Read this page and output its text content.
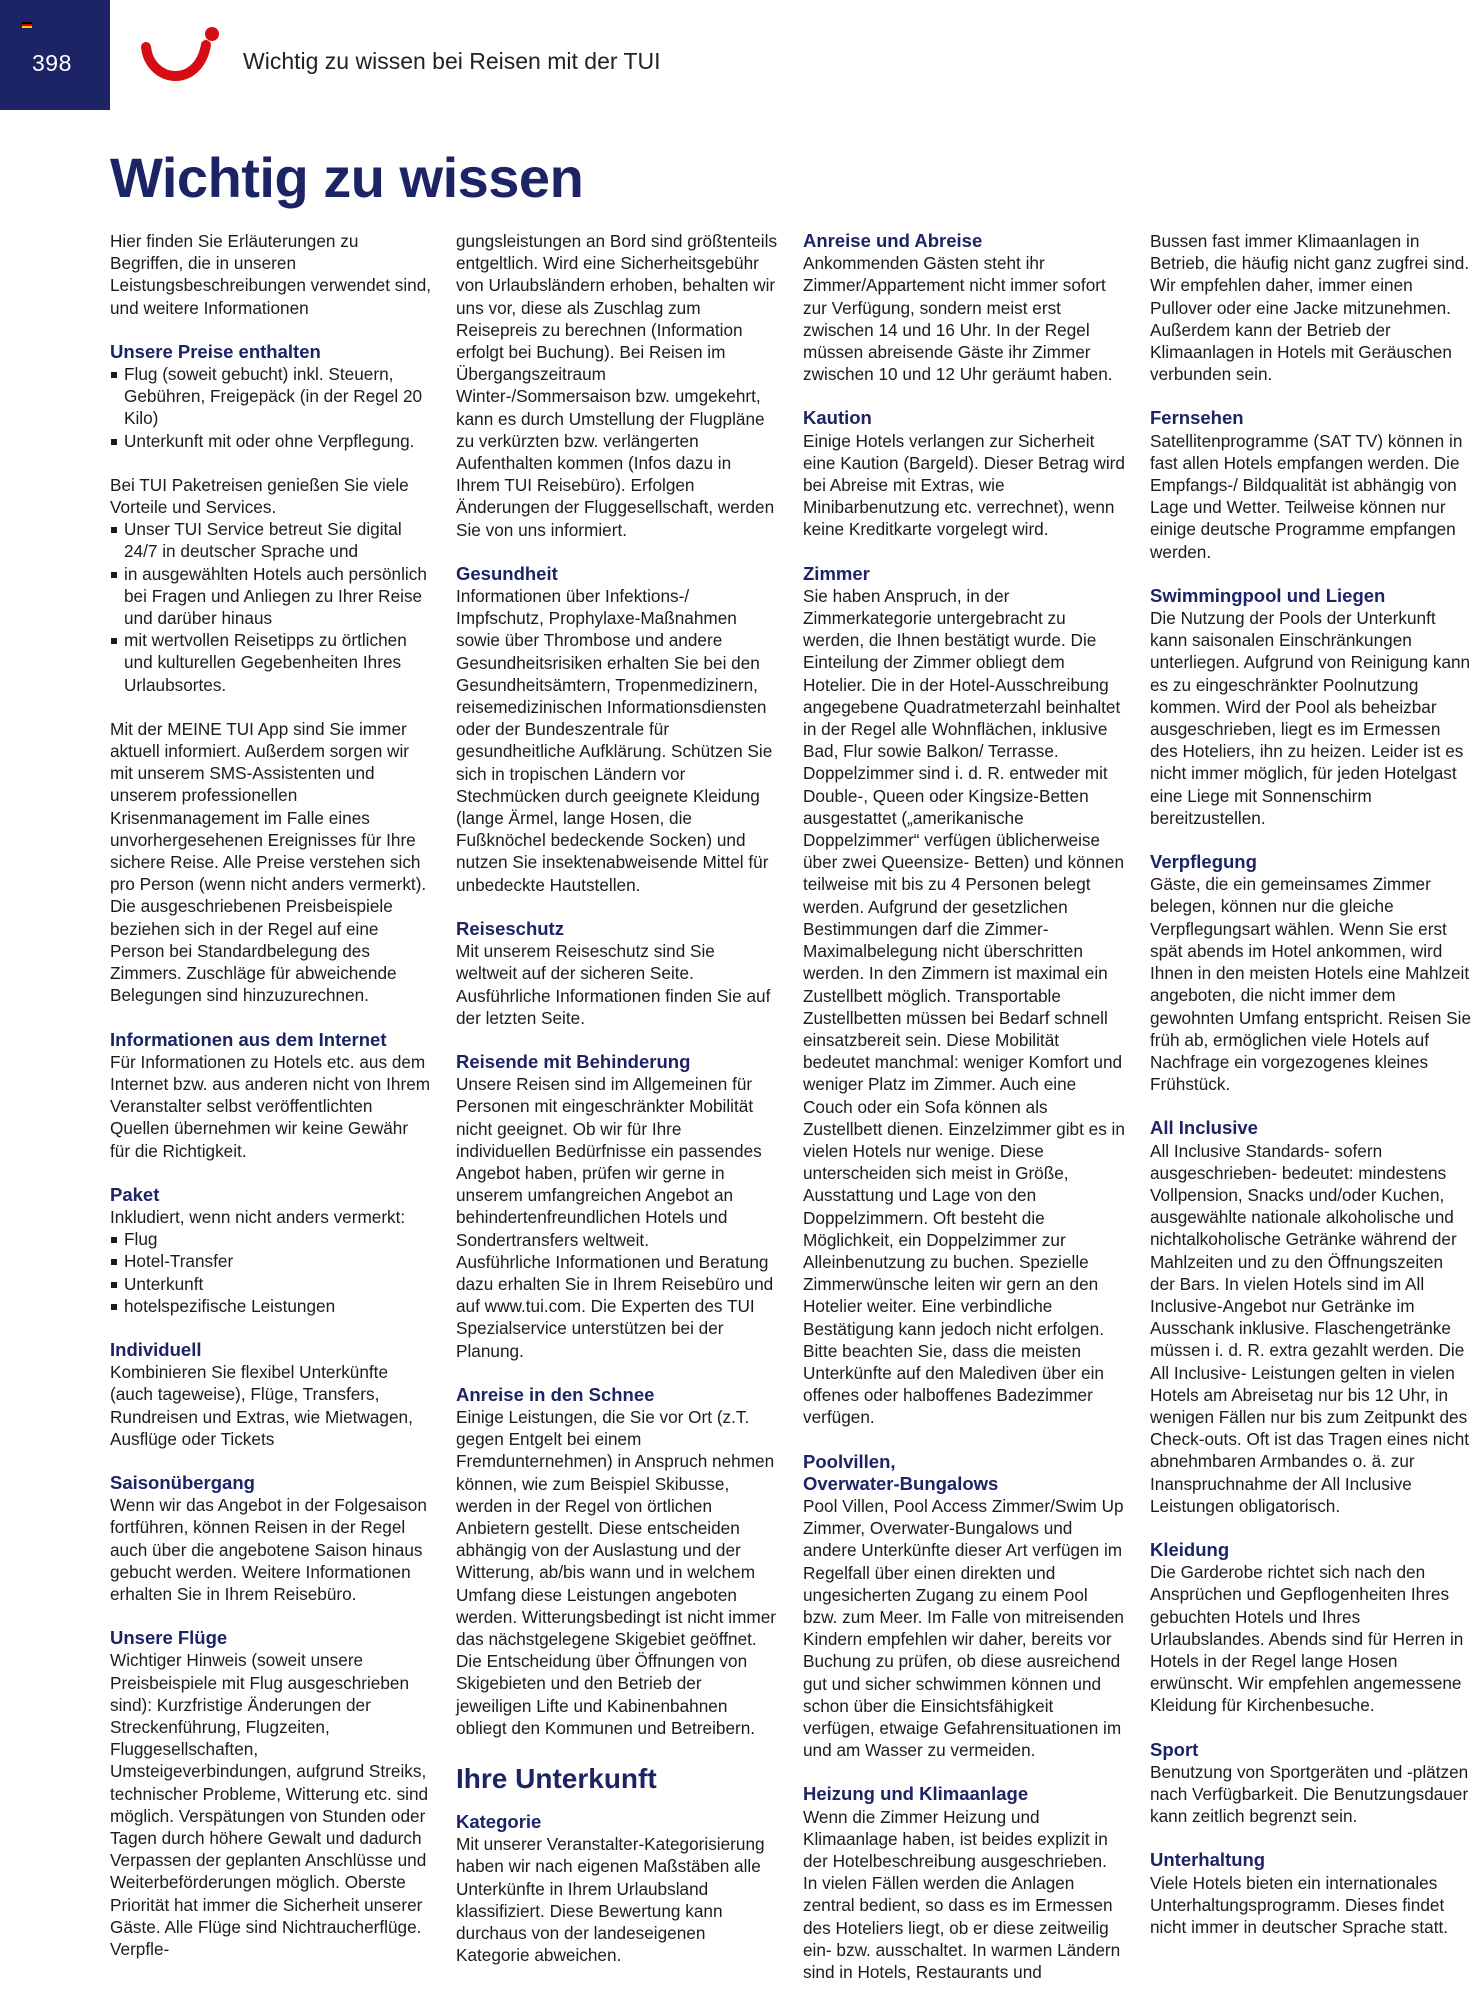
398	Wichtig zu wissen bei Reisen mit der TUI
Wichtig zu wissen

Hier finden Sie Erläuterungen zu Begriffen, die in unseren Leistungsbeschreibungen verwendet sind, und weitere Informationen

Unsere Preise enthalten
Flug (soweit gebucht) inkl. Steuern, Gebühren, Freigepäck (in der Regel 20 Kilo)
Unterkunft mit oder ohne Verpflegung.

Bei TUI Paketreisen genießen Sie viele Vorteile und Services.

Unser TUI Service betreut Sie digital 24/7 in deutscher Sprache und
in ausgewählten Hotels auch persönlich bei Fragen und Anliegen zu Ihrer Reise und darüber hinaus
mit wertvollen Reisetipps zu örtlichen und kulturellen Gegebenheiten Ihres Urlaubsortes.

Mit der MEINE TUI App sind Sie immer aktuell informiert. Außerdem sorgen wir mit unserem SMS-Assistenten und unserem professionellen Krisenmanagement im Falle eines unvorhergesehenen Ereignisses für Ihre sichere Reise. Alle Preise verstehen sich pro Person (wenn nicht anders vermerkt). Die ausgeschriebenen Preisbeispiele beziehen sich in der Regel auf eine Person bei Standardbelegung des Zimmers. Zuschläge für abweichende Belegungen sind hinzuzurechnen.

Informationen aus dem Internet

Für Informationen zu Hotels etc. aus dem Internet bzw. aus anderen nicht von Ihrem Veranstalter selbst veröffentlichten Quellen übernehmen wir keine Gewähr für die Richtigkeit.

Paket

Inkludiert, wenn nicht anders vermerkt:

Flug
Hotel-Transfer
Unterkunft
hotelspezifische Leistungen
Individuell

Kombinieren Sie flexibel Unterkünfte (auch tageweise), Flüge, Transfers, Rundreisen und Extras, wie Mietwagen, Ausflüge oder Tickets

Saisonübergang

Wenn wir das Angebot in der Folgesaison fortführen, können Reisen in der Regel auch über die angebotene Saison hinaus gebucht werden. Weitere Informationen erhalten Sie in Ihrem Reisebüro.

Unsere Flüge

Wichtiger Hinweis (soweit unsere Preisbeispiele mit Flug ausgeschrieben sind): Kurzfristige Änderungen der Streckenführung, Flugzeiten, Fluggesellschaften, Umsteigeverbindungen, aufgrund Streiks, technischer Probleme, Witterung etc. sind möglich. Verspätungen von Stunden oder Tagen durch höhere Gewalt und dadurch Verpassen der geplanten Anschlüsse und Weiterbeförderungen möglich. Oberste Priorität hat immer die Sicherheit unserer Gäste. Alle Flüge sind Nichtraucherflüge. Verpfle-

gungsleistungen an Bord sind größtenteils entgeltlich. Wird eine Sicherheitsgebühr von Urlaubsländern erhoben, behalten wir uns vor, diese als Zuschlag zum Reisepreis zu berechnen (Information erfolgt bei Buchung). Bei Reisen im Übergangszeitraum Winter-/Sommersaison bzw. umgekehrt, kann es durch Umstellung der Flugpläne zu verkürzten bzw. verlängerten Aufenthalten kommen (Infos dazu in Ihrem TUI Reisebüro). Erfolgen Änderungen der Fluggesellschaft, werden Sie von uns informiert.

Gesundheit

Informationen über Infektions-/ Impfschutz, Prophylaxe-Maßnahmen sowie über Thrombose und andere Gesundheitsrisiken erhalten Sie bei den Gesundheitsämtern, Tropenmedizinern, reisemedizinischen Informationsdiensten oder der Bundeszentrale für gesundheitliche Aufklärung. Schützen Sie sich in tropischen Ländern vor Stechmücken durch geeignete Kleidung (lange Ärmel, lange Hosen, die Fußknöchel bedeckende Socken) und nutzen Sie insektenabweisende Mittel für unbedeckte Hautstellen.

Reiseschutz

Mit unserem Reiseschutz sind Sie weltweit auf der sicheren Seite. Ausführliche Informationen finden Sie auf der letzten Seite.

Reisende mit Behinderung

Unsere Reisen sind im Allgemeinen für Personen mit eingeschränkter Mobilität nicht geeignet. Ob wir für Ihre individuellen Bedürfnisse ein passendes Angebot haben, prüfen wir gerne in unserem umfangreichen Angebot an behindertenfreundlichen Hotels und Sondertransfers weltweit.

Ausführliche Informationen und Beratung dazu erhalten Sie in Ihrem Reisebüro und auf www.tui.com. Die Experten des TUI Spezialservice unterstützen bei der Planung.

Anreise in den Schnee

Einige Leistungen, die Sie vor Ort (z.T. gegen Entgelt bei einem Fremdunternehmen) in Anspruch nehmen können, wie zum Beispiel Skibusse, werden in der Regel von örtlichen Anbietern gestellt. Diese entscheiden abhängig von der Auslastung und der Witterung, ab/bis wann und in welchem Umfang diese Leistungen angeboten werden. Witterungsbedingt ist nicht immer das nächstgelegene Skigebiet geöffnet. Die Entscheidung über Öffnungen von Skigebieten und den Betrieb der jeweiligen Lifte und Kabinenbahnen obliegt den Kommunen und Betreibern.

Ihre Unterkunft
Kategorie

Mit unserer Veranstalter-Kategorisierung haben wir nach eigenen Maßstäben alle Unterkünfte in Ihrem Urlaubsland klassifiziert. Diese Bewertung kann durchaus von der landeseigenen Kategorie abweichen.

Anreise und Abreise

Ankommenden Gästen steht ihr Zimmer/Appartement nicht immer sofort zur Verfügung, sondern meist erst zwischen 14 und 16 Uhr. In der Regel müssen abreisende Gäste ihr Zimmer zwischen 10 und 12 Uhr geräumt haben.

Kaution

Einige Hotels verlangen zur Sicherheit eine Kaution (Bargeld). Dieser Betrag wird bei Abreise mit Extras, wie Minibarbenutzung etc. verrechnet), wenn keine Kreditkarte vorgelegt wird.

Zimmer

Sie haben Anspruch, in der Zimmerkategorie untergebracht zu werden, die Ihnen bestätigt wurde. Die Einteilung der Zimmer obliegt dem Hotelier. Die in der Hotel-Ausschreibung angegebene Quadratmeterzahl beinhaltet in der Regel alle Wohnflächen, inklusive Bad, Flur sowie Balkon/ Terrasse. Doppelzimmer sind i. d. R. entweder mit Double-, Queen oder Kingsize-Betten ausgestattet („amerikanische Doppelzimmer“ verfügen üblicherweise über zwei Queensize- Betten) und können teilweise mit bis zu 4 Personen belegt werden. Aufgrund der gesetzlichen Bestimmungen darf die Zimmer-Maximalbelegung nicht überschritten werden. In den Zimmern ist maximal ein Zustellbett möglich. Transportable Zustellbetten müssen bei Bedarf schnell einsatzbereit sein. Diese Mobilität bedeutet manchmal: weniger Komfort und weniger Platz im Zimmer. Auch eine Couch oder ein Sofa können als Zustellbett dienen. Einzelzimmer gibt es in vielen Hotels nur wenige. Diese unterscheiden sich meist in Größe, Ausstattung und Lage von den Doppelzimmern. Oft besteht die Möglichkeit, ein Doppelzimmer zur Alleinbenutzung zu buchen. Spezielle Zimmerwünsche leiten wir gern an den Hotelier weiter. Eine verbindliche Bestätigung kann jedoch nicht erfolgen. Bitte beachten Sie, dass die meisten Unterkünfte auf den Malediven über ein offenes oder halboffenes Badezimmer verfügen.

Poolvillen,
Overwater-Bungalows

Pool Villen, Pool Access Zimmer/Swim Up Zimmer, Overwater-Bungalows und andere Unterkünfte dieser Art verfügen im Regelfall über einen direkten und ungesicherten Zugang zu einem Pool bzw. zum Meer. Im Falle von mitreisenden Kindern empfehlen wir daher, bereits vor Buchung zu prüfen, ob diese ausreichend gut und sicher schwimmen können und schon über die Einsichtsfähigkeit verfügen, etwaige Gefahrensituationen im und am Wasser zu vermeiden.

Heizung und Klimaanlage

Wenn die Zimmer Heizung und Klimaanlage haben, ist beides explizit in der Hotelbeschreibung ausgeschrieben. In vielen Fällen werden die Anlagen zentral bedient, so dass es im Ermessen des Hoteliers liegt, ob er diese zeitweilig ein- bzw. ausschaltet. In warmen Ländern sind in Hotels, Restaurants und

Bussen fast immer Klimaanlagen in Betrieb, die häufig nicht ganz zugfrei sind. Wir empfehlen daher, immer einen Pullover oder eine Jacke mitzunehmen. Außerdem kann der Betrieb der Klimaanlagen in Hotels mit Geräuschen verbunden sein.

Fernsehen

Satellitenprogramme (SAT TV) können in fast allen Hotels empfangen werden. Die Empfangs-/ Bildqualität ist abhängig von Lage und Wetter. Teilweise können nur einige deutsche Programme empfangen werden.

Swimmingpool und Liegen

Die Nutzung der Pools der Unterkunft kann saisonalen Einschränkungen unterliegen. Aufgrund von Reinigung kann es zu eingeschränkter Poolnutzung kommen. Wird der Pool als beheizbar ausgeschrieben, liegt es im Ermessen des Hoteliers, ihn zu heizen. Leider ist es nicht immer möglich, für jeden Hotelgast eine Liege mit Sonnenschirm bereitzustellen.

Verpflegung

Gäste, die ein gemeinsames Zimmer belegen, können nur die gleiche Verpflegungsart wählen. Wenn Sie erst spät abends im Hotel ankommen, wird Ihnen in den meisten Hotels eine Mahlzeit angeboten, die nicht immer dem gewohnten Umfang entspricht. Reisen Sie früh ab, ermöglichen viele Hotels auf Nachfrage ein vorgezogenes kleines Frühstück.

All Inclusive

All Inclusive Standards- sofern ausgeschrieben- bedeutet: mindestens Vollpension, Snacks und/oder Kuchen, ausgewählte nationale alkoholische und nichtalkoholische Getränke während der Mahlzeiten und zu den Öffnungszeiten der Bars. In vielen Hotels sind im All Inclusive-Angebot nur Getränke im Ausschank inklusive. Flaschengetränke müssen i. d. R. extra gezahlt werden. Die All Inclusive- Leistungen gelten in vielen Hotels am Abreisetag nur bis 12 Uhr, in wenigen Fällen nur bis zum Zeitpunkt des Check-outs. Oft ist das Tragen eines nicht abnehmbaren Armbandes o. ä. zur Inanspruchnahme der All Inclusive Leistungen obligatorisch.

Kleidung

Die Garderobe richtet sich nach den Ansprüchen und Gepflogenheiten Ihres gebuchten Hotels und Ihres Urlaubslandes. Abends sind für Herren in Hotels in der Regel lange Hosen erwünscht. Wir empfehlen angemessene Kleidung für Kirchenbesuche.

Sport

Benutzung von Sportgeräten und -plätzen nach Verfügbarkeit. Die Benutzungsdauer kann zeitlich begrenzt sein.

Unterhaltung

Viele Hotels bieten ein internationales Unterhaltungsprogramm. Dieses findet nicht immer in deutscher Sprache statt.
